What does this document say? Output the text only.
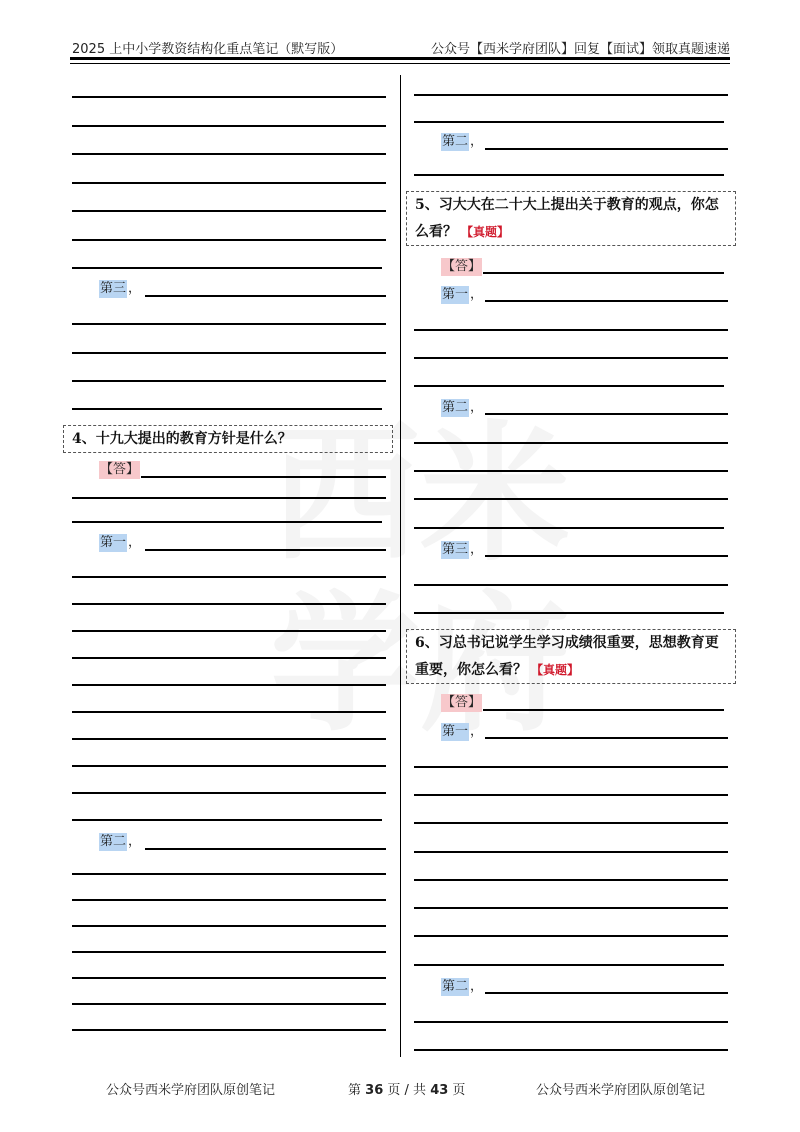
2025 上中小学教资结构化重点笔记（默写版）	公众号【西米学府团队】回复【面试】领取真题速递
第三 ，
4、十九大提出的教育方针是什么？
【答】
第一 ，
第二 ，
第二 ，
5、习大大在二十大上提出关于教育的观点，你怎么看？ 【真题】
【答】
第一 ，
第二 ，
第三 ，
6、习总书记说学生学习成绩很重要，思想教育更重要，你怎么看？ 【真题】
【答】
第一 ，
第二 ，
公众号西米学府团队原创笔记	第 36 页 / 共 43 页	公众号西米学府团队原创笔记
